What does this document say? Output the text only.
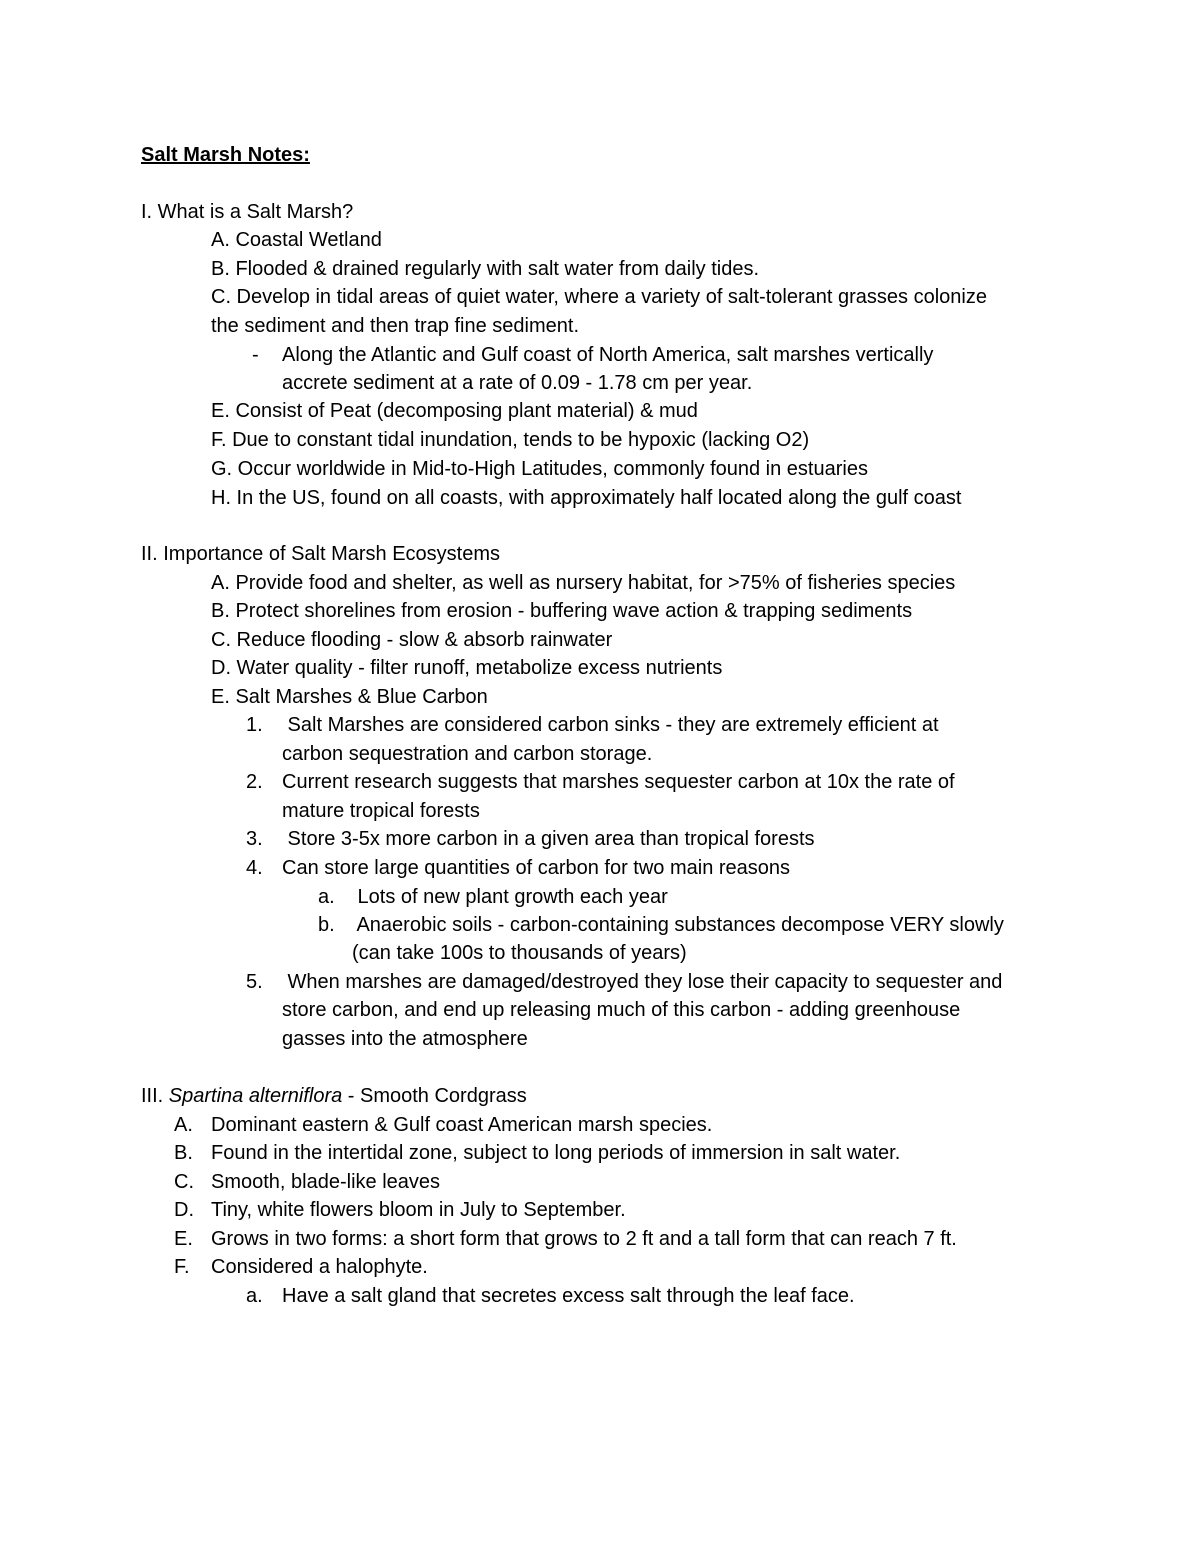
Salt Marsh Notes:
I. What is a Salt Marsh?
A. Coastal Wetland
B. Flooded & drained regularly with salt water from daily tides.
C. Develop in tidal areas of quiet water, where a variety of salt-tolerant grasses colonize
the sediment and then trap fine sediment.
- Along the Atlantic and Gulf coast of North America, salt marshes vertically
accrete sediment at a rate of 0.09 - 1.78 cm per year.
E. Consist of Peat (decomposing plant material) & mud
F. Due to constant tidal inundation, tends to be hypoxic (lacking O2)
G. Occur worldwide in Mid-to-High Latitudes, commonly found in estuaries
H. In the US, found on all coasts, with approximately half located along the gulf coast
II. Importance of Salt Marsh Ecosystems
A. Provide food and shelter, as well as nursery habitat, for >75% of fisheries species
B. Protect shorelines from erosion - buffering wave action & trapping sediments
C. Reduce flooding - slow & absorb rainwater
D. Water quality - filter runoff, metabolize excess nutrients
E. Salt Marshes & Blue Carbon
1. Salt Marshes are considered carbon sinks - they are extremely efficient at
carbon sequestration and carbon storage.
2. Current research suggests that marshes sequester carbon at 10x the rate of
mature tropical forests
3. Store 3-5x more carbon in a given area than tropical forests
4. Can store large quantities of carbon for two main reasons
a. Lots of new plant growth each year
b. Anaerobic soils - carbon-containing substances decompose VERY slowly
(can take 100s to thousands of years)
5. When marshes are damaged/destroyed they lose their capacity to sequester and
store carbon, and end up releasing much of this carbon - adding greenhouse
gasses into the atmosphere
III. Spartina alterniflora - Smooth Cordgrass
A. Dominant eastern & Gulf coast American marsh species.
B. Found in the intertidal zone, subject to long periods of immersion in salt water.
C. Smooth, blade-like leaves
D. Tiny, white flowers bloom in July to September.
E. Grows in two forms: a short form that grows to 2 ft and a tall form that can reach 7 ft.
F. Considered a halophyte.
a. Have a salt gland that secretes excess salt through the leaf face.
